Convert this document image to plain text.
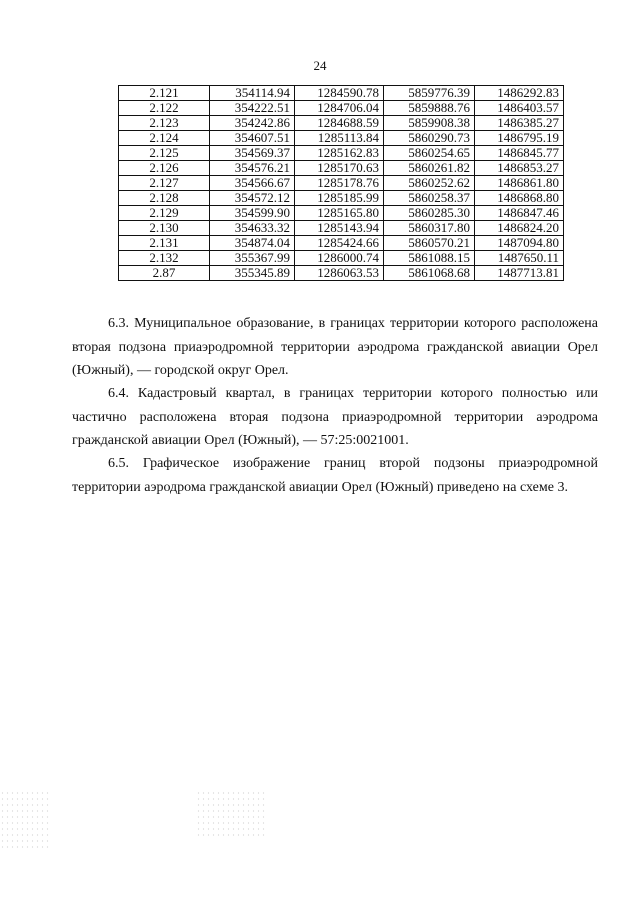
24
2.121	354114.94	1284590.78	5859776.39	1486292.83
2.122	354222.51	1284706.04	5859888.76	1486403.57
2.123	354242.86	1284688.59	5859908.38	1486385.27
2.124	354607.51	1285113.84	5860290.73	1486795.19
2.125	354569.37	1285162.83	5860254.65	1486845.77
2.126	354576.21	1285170.63	5860261.82	1486853.27
2.127	354566.67	1285178.76	5860252.62	1486861.80
2.128	354572.12	1285185.99	5860258.37	1486868.80
2.129	354599.90	1285165.80	5860285.30	1486847.46
2.130	354633.32	1285143.94	5860317.80	1486824.20
2.131	354874.04	1285424.66	5860570.21	1487094.80
2.132	355367.99	1286000.74	5861088.15	1487650.11
2.87	355345.89	1286063.53	5861068.68	1487713.81

6.3. Муниципальное образование, в границах территории которого расположена вторая подзона приаэродромной территории аэродрома гражданской авиации Орел (Южный), — городской округ Орел.

6.4. Кадастровый квартал, в границах территории которого полностью или частично расположена вторая подзона приаэродромной территории аэродрома гражданской авиации Орел (Южный), — 57:25:0021001.

6.5. Графическое изображение границ второй подзоны приаэродромной территории аэродрома гражданской авиации Орел (Южный) приведено на схеме 3.
